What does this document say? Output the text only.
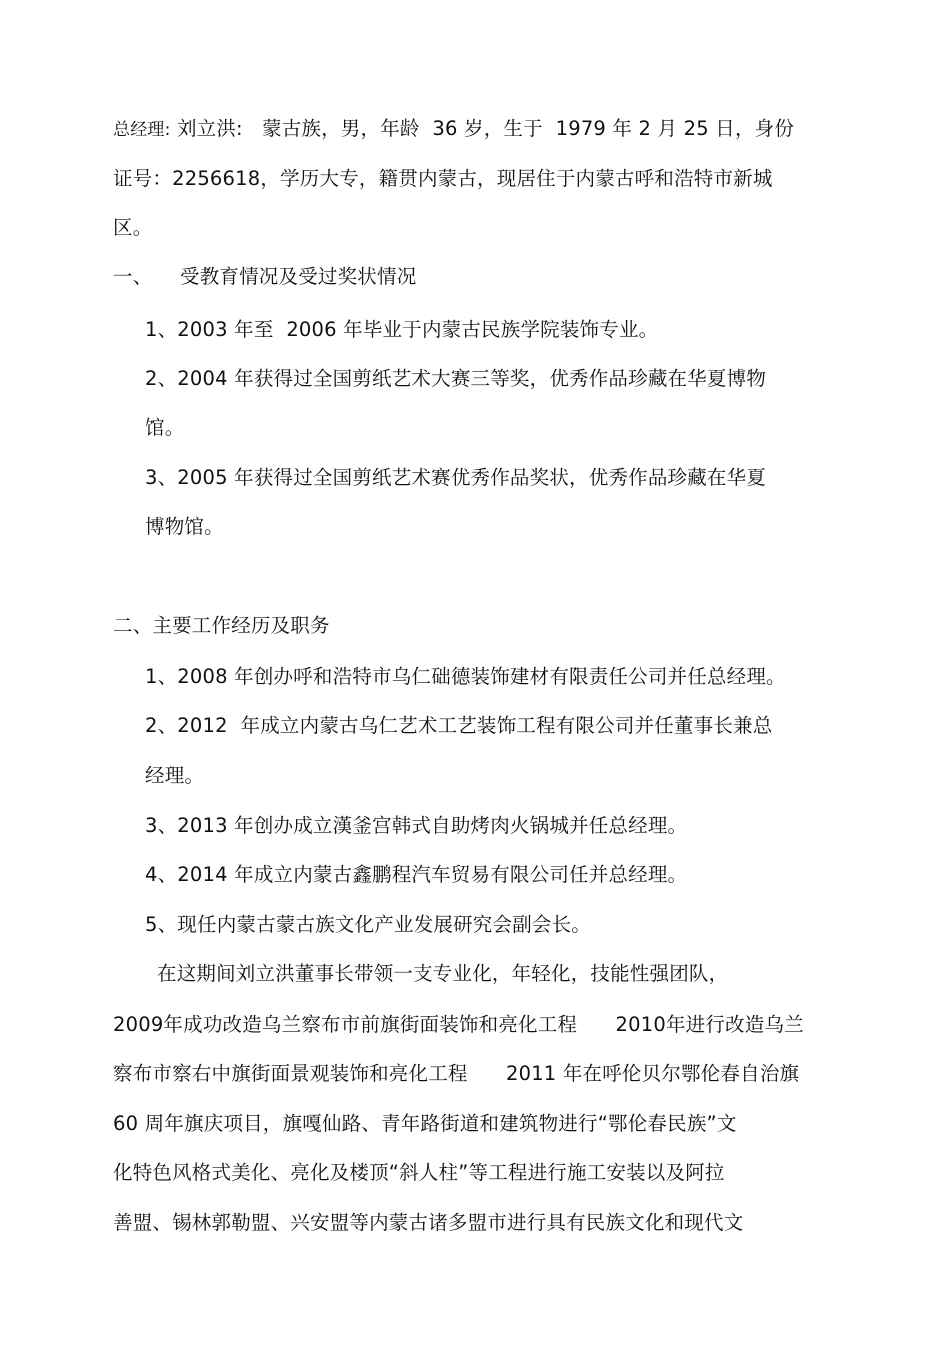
总经理: 刘立洪:   蒙古族，男，年龄  36 岁，生于  1979 年 2 月 25 日，身份
证号：2256618，学历大专，籍贯内蒙古，现居住于内蒙古呼和浩特市新城
区。
一、 受教育情况及受过奖状情况
1、2003 年至  2006 年毕业于内蒙古民族学院装饰专业。
2、2004 年获得过全国剪纸艺术大赛三等奖，优秀作品珍藏在华夏博物
馆。
3、2005 年获得过全国剪纸艺术赛优秀作品奖状，优秀作品珍藏在华夏
博物馆。
二、主要工作经历及职务
1、2008 年创办呼和浩特市乌仁础德装饰建材有限责任公司并任总经理。
2、2012  年成立内蒙古乌仁艺术工艺装饰工程有限公司并任董事长兼总
经理。
3、2013 年创办成立漢釜宫韩式自助烤肉火锅城并任总经理。
4、2014 年成立内蒙古鑫鹏程汽车贸易有限公司任并总经理。
5、现任内蒙古蒙古族文化产业发展研究会副会长。
在这期间刘立洪董事长带领一支专业化，年轻化，技能性强团队，
2009年成功改造乌兰察布市前旗街面装饰和亮化工程      2010年进行改造乌兰
察布市察右中旗街面景观装饰和亮化工程      2011 年在呼伦贝尔鄂伦春自治旗
60 周年旗庆项目，旗嘎仙路、青年路街道和建筑物进行“鄂伦春民族”文
化特色风格式美化、亮化及楼顶“斜人柱”等工程进行施工安装以及阿拉
善盟、锡林郭勒盟、兴安盟等内蒙古诸多盟市进行具有民族文化和现代文
